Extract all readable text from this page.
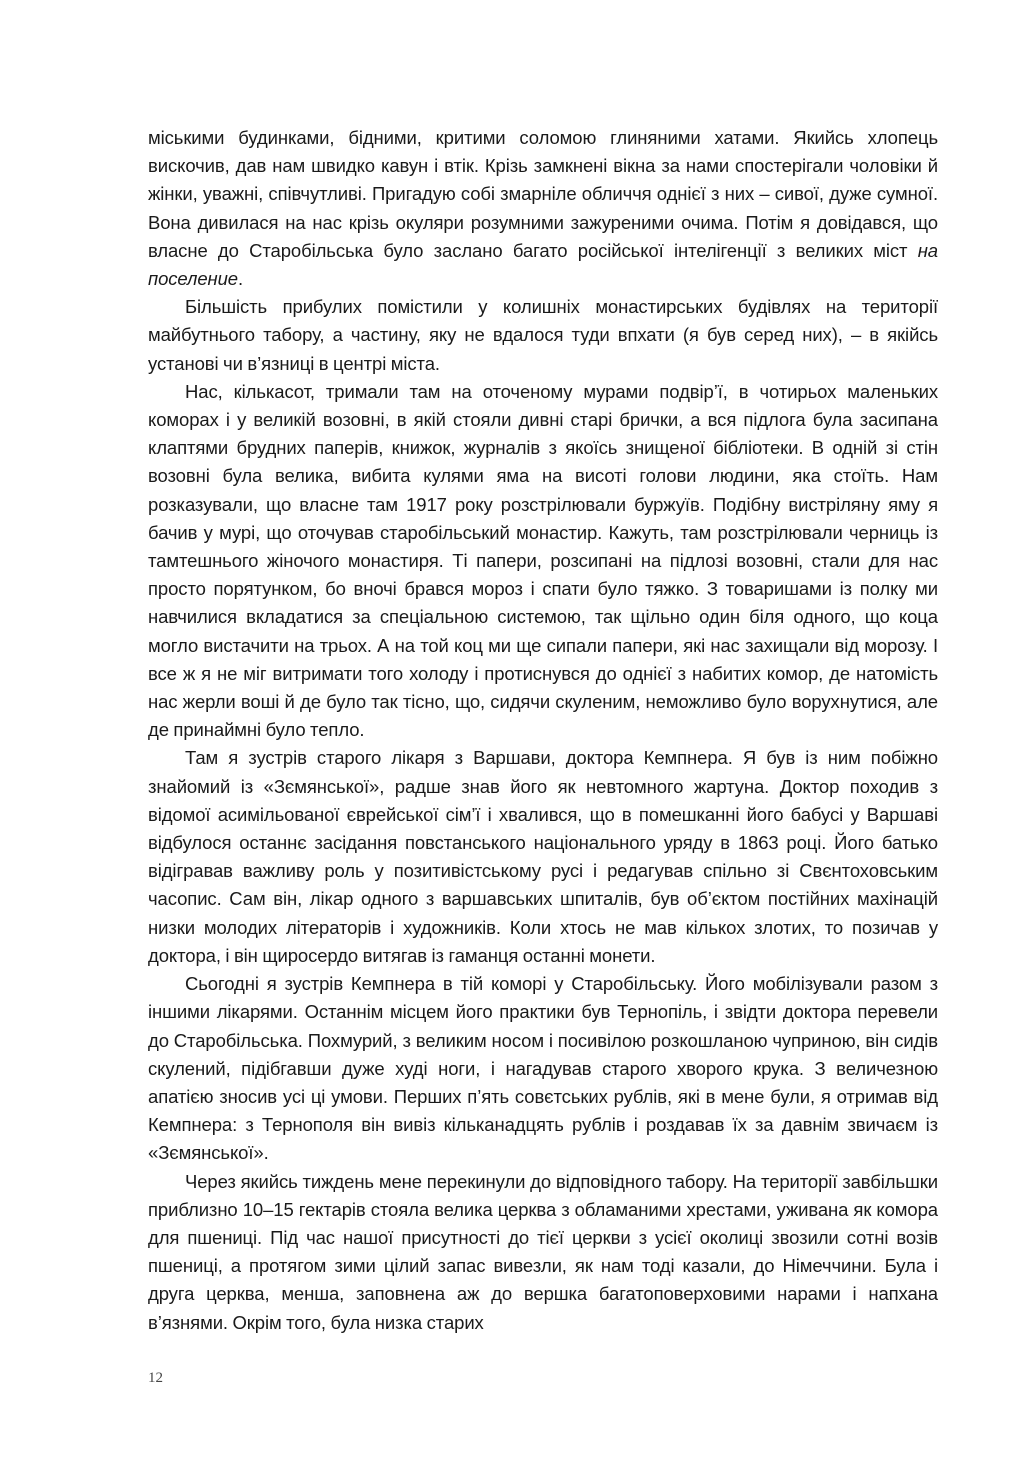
міськими будинками, бідними, критими соломою глиняними хатами. Якийсь хлопець вискочив, дав нам швидко кавун і втік. Крізь замкнені вікна за нами спостерігали чоловіки й жінки, уважні, співчутливі. Пригадую собі змарніле обличчя однієї з них – сивої, дуже сумної. Вона дивилася на нас крізь окуляри розумними зажуреними очима. Потім я довідався, що власне до Старобільська було заслано багато російської інтелігенції з великих міст на поселение.

Більшість прибулих помістили у колишніх монастирських будівлях на території майбутнього табору, а частину, яку не вдалося туди впхати (я був серед них), – в якійсь установі чи в’язниці в центрі міста.

Нас, кількасот, тримали там на оточеному мурами подвір’ї, в чотирьох маленьких коморах і у великій возовні, в якій стояли дивні старі брички, а вся підлога була засипана клаптями брудних паперів, книжок, журналів з якоїсь знищеної бібліотеки. В одній зі стін возовні була велика, вибита кулями яма на висоті голови людини, яка стоїть. Нам розказували, що власне там 1917 року розстрілювали буржуїв. Подібну вистріляну яму я бачив у мурі, що оточував старобільський монастир. Кажуть, там розстрілювали черниць із тамтешнього жіночого монастиря. Ті папери, розсипані на підлозі возовні, стали для нас просто порятунком, бо вночі брався мороз і спати було тяжко. З товаришами із полку ми навчилися вкладатися за спеціальною системою, так щільно один біля одного, що коца могло вистачити на трьох. А на той коц ми ще сипали папери, які нас захищали від морозу. І все ж я не міг витримати того холоду і протиснувся до однієї з набитих комор, де натомість нас жерли воші й де було так тісно, що, сидячи скуленим, неможливо було ворухнутися, але де принаймні було тепло.

Там я зустрів старого лікаря з Варшави, доктора Кемпнера. Я був із ним побіжно знайомий із «Зємянської», радше знав його як невтомного жартуна. Доктор походив з відомої асимільованої єврейської сім’ї і хвалився, що в помешканні його бабусі у Варшаві відбулося останнє засідання повстанського національного уряду в 1863 році. Його батько відігравав важливу роль у позитивістському русі і редагував спільно зі Свєнтоховським часопис. Сам він, лікар одного з варшавських шпиталів, був об’єктом постійних махінацій низки молодих літераторів і художників. Коли хтось не мав кількох злотих, то позичав у доктора, і він щиросердо витягав із гаманця останні монети.

Сьогодні я зустрів Кемпнера в тій коморі у Старобільську. Його мобілізували разом з іншими лікарями. Останнім місцем його практики був Тернопіль, і звідти доктора перевели до Старобільська. Похмурий, з великим носом і посивілою розкошланою чуприною, він сидів скулений, підібгавши дуже худі ноги, і нагадував старого хворого крука. З величезною апатією зносив усі ці умови. Перших п’ять совєтських рублів, які в мене були, я отримав від Кемпнера: з Тернополя він вивіз кільканадцять рублів і роздавав їх за давнім звичаєм із «Зємянської».

Через якийсь тиждень мене перекинули до відповідного табору. На території завбільшки приблизно 10–15 гектарів стояла велика церква з обламаними хрестами, уживана як комора для пшениці. Під час нашої присутності до тієї церкви з усієї околиці звозили сотні возів пшениці, а протягом зими цілий запас вивезли, як нам тоді казали, до Німеччини. Була і друга церква, менша, заповнена аж до вершка багатоповерховими нарами і напхана в’язнями. Окрім того, була низка старих

12
